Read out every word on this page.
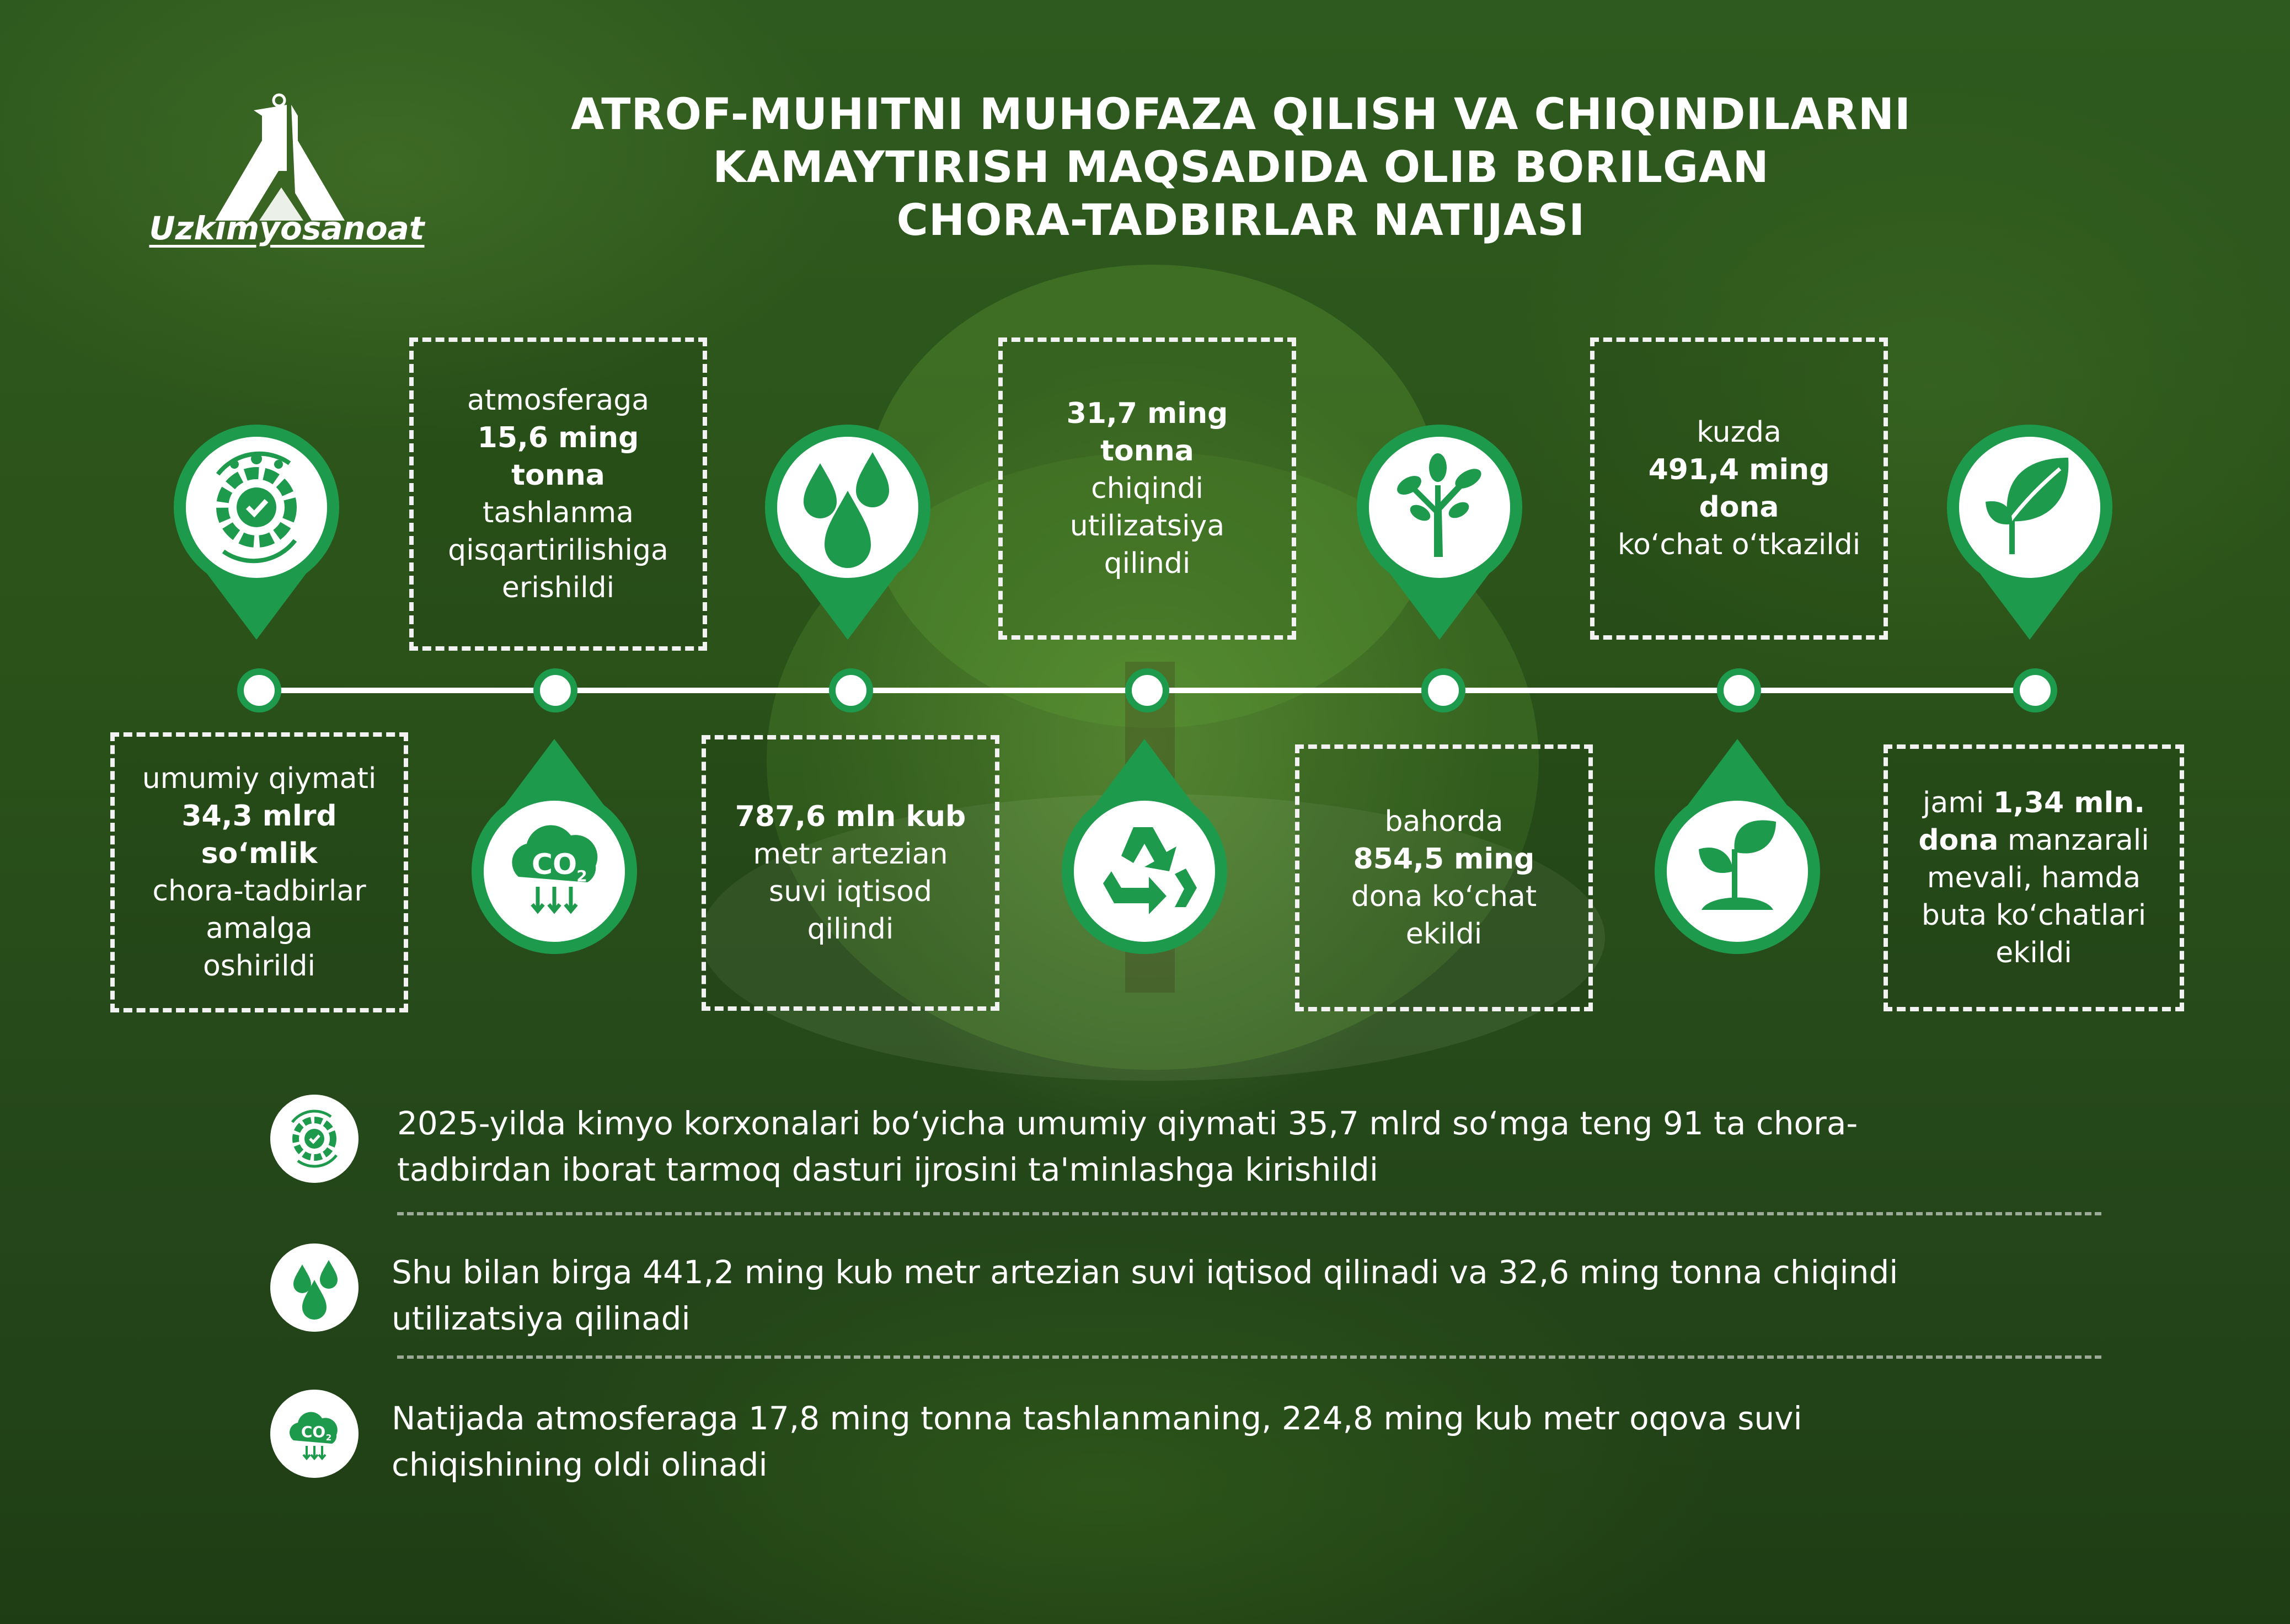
Uzkimyosanoat
ATROF-MUHITNI MUHOFAZA QILISH VA CHIQINDILARNI
KAMAYTIRISH MAQSADIDA OLIB BORILGAN
CHORA-TADBIRLAR NATIJASI
CO 2
atmosferaga
15,6 ming tonna
tashlanma
qisqartirilishiga
erishildi
31,7 ming tonna
chiqindi
utilizatsiya
qilindi
kuzda
491,4 ming dona
koʻchat oʻtkazildi
umumiy qiymati
34,3 mlrd soʻmlik
chora-tadbirlar
amalga
oshirildi
787,6 mln kub
metr artezian
suvi iqtisod
qilindi
bahorda
854,5 ming
dona koʻchat
ekildi
jami 1,34 mln.
dona manzarali
mevali, hamda
buta koʻchatlari
ekildi
2025-yilda kimyo korxonalari boʻyicha umumiy qiymati 35,7 mlrd soʻmga teng 91 ta chora-
tadbirdan iborat tarmoq dasturi ijrosini ta'minlashga kirishildi
Shu bilan birga 441,2 ming kub metr artezian suvi iqtisod qilinadi va 32,6 ming tonna chiqindi
utilizatsiya qilinadi
CO 2
Natijada atmosferaga 17,8 ming tonna tashlanmaning, 224,8 ming kub metr oqova suvi
chiqishining oldi olinadi
